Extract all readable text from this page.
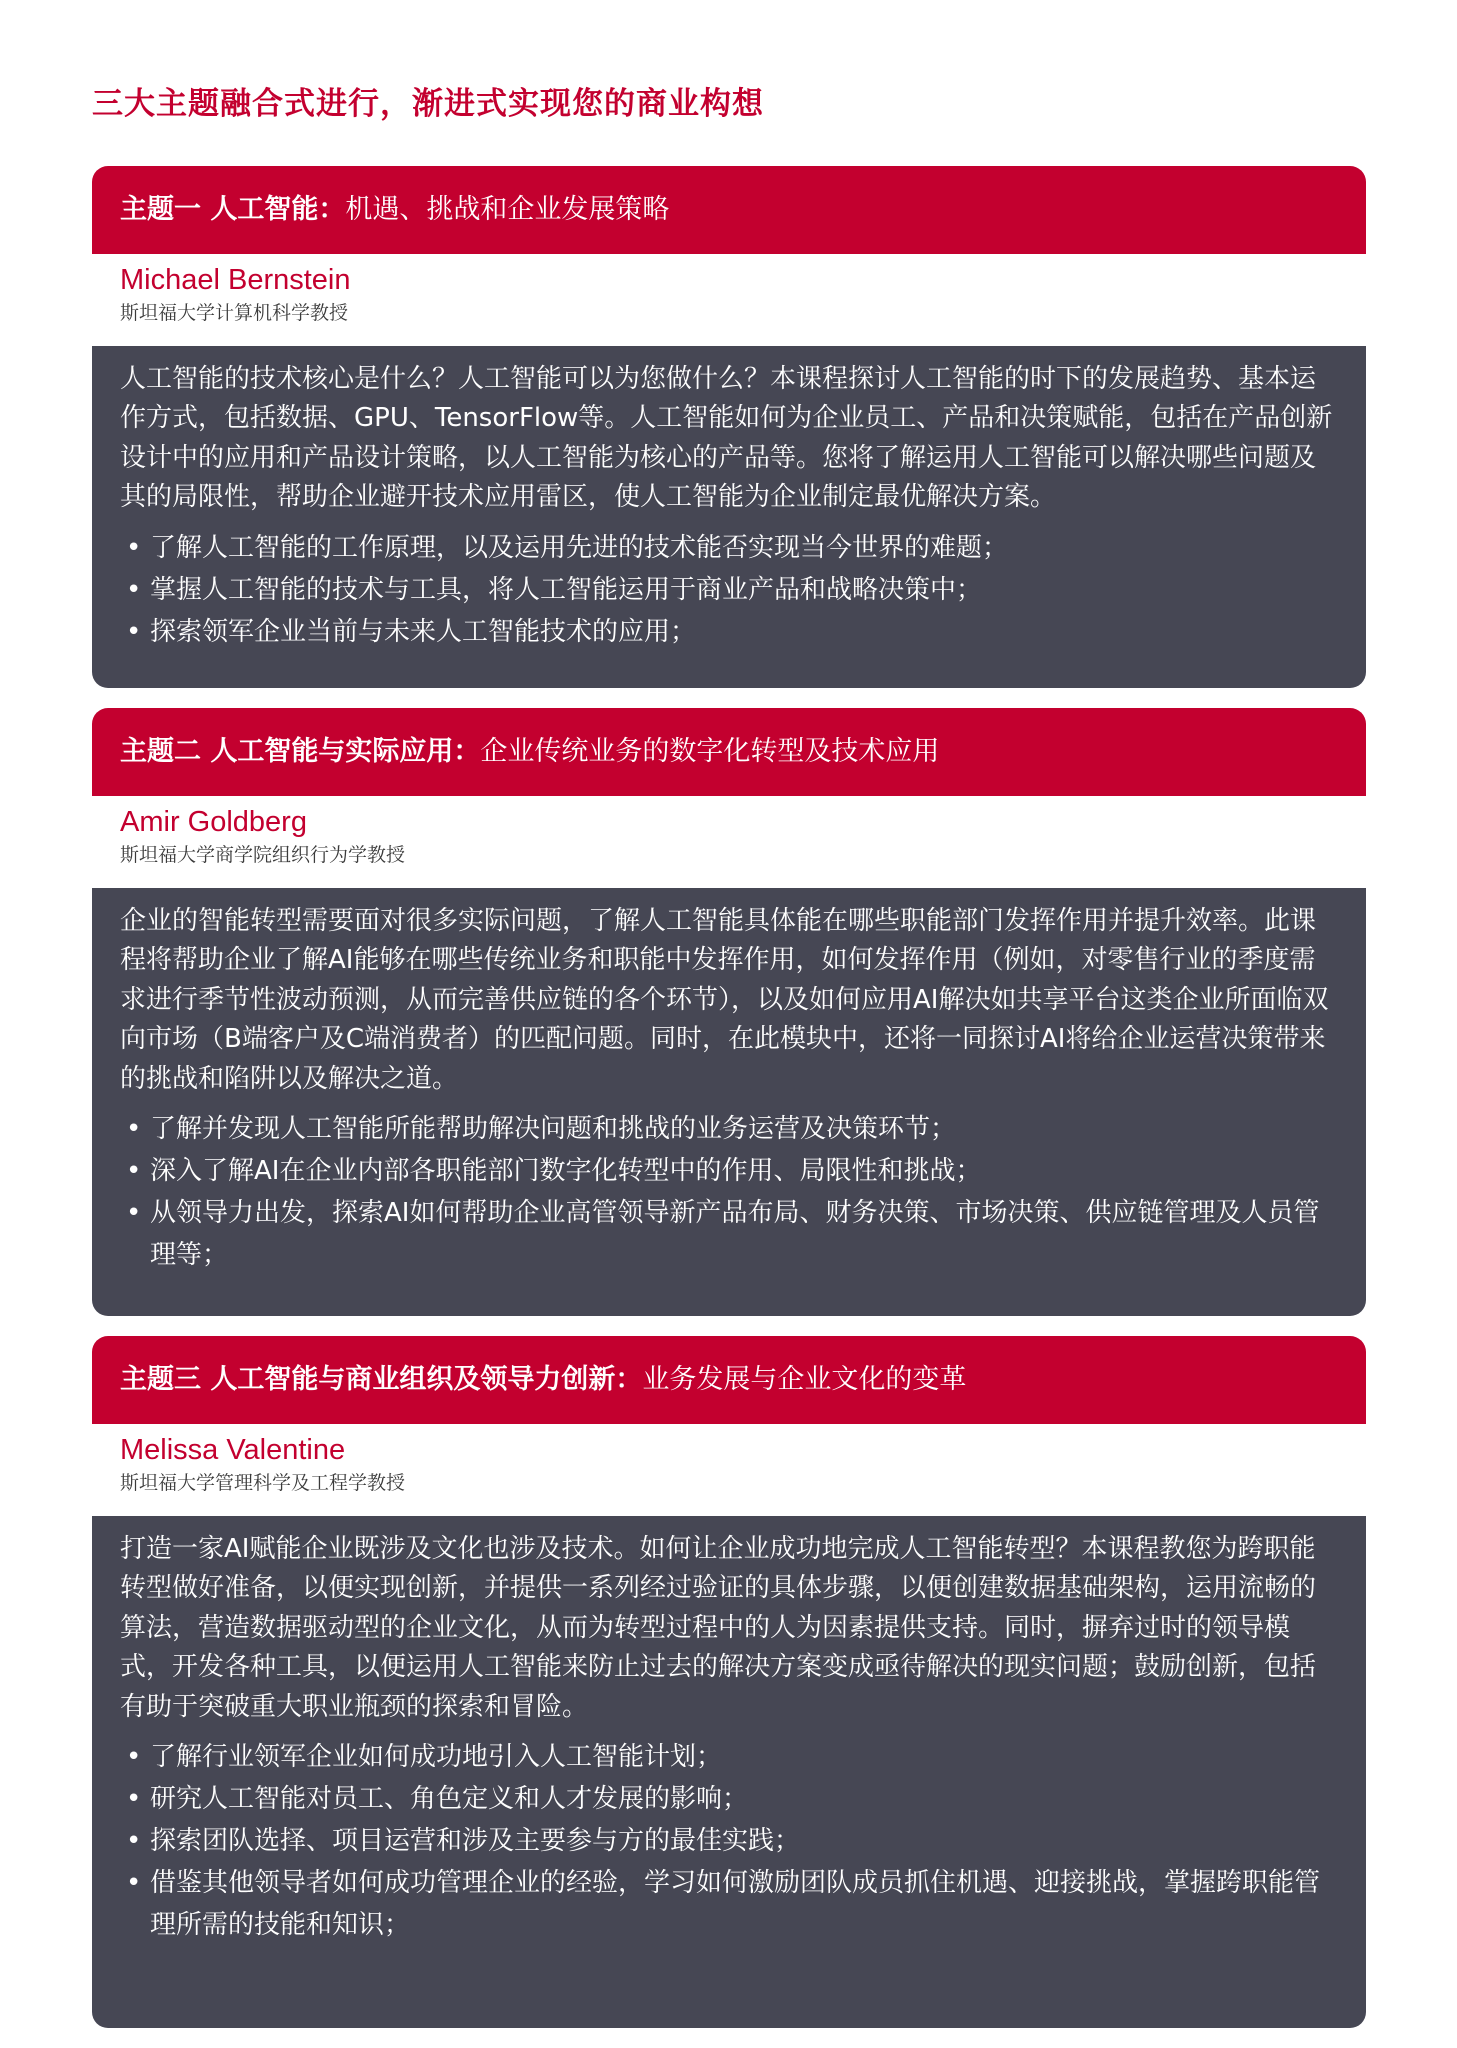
三大主题融合式进行，渐进式实现您的商业构想
主题一 人工智能：机遇、挑战和企业发展策略
Michael Bernstein
斯坦福大学计算机科学教授

人工智能的技术核心是什么？人工智能可以为您做什么？本课程探讨人工智能的时下的发展趋势、基本运作方式，包括数据、GPU、TensorFlow等。人工智能如何为企业员工、产品和决策赋能，包括在产品创新设计中的应用和产品设计策略，以人工智能为核心的产品等。您将了解运用人工智能可以解决哪些问题及其的局限性，帮助企业避开技术应用雷区，使人工智能为企业制定最优解决方案。

• 了解人工智能的工作原理，以及运用先进的技术能否实现当今世界的难题；
• 掌握人工智能的技术与工具，将人工智能运用于商业产品和战略决策中；
• 探索领军企业当前与未来人工智能技术的应用；
主题二 人工智能与实际应用：企业传统业务的数字化转型及技术应用
Amir Goldberg
斯坦福大学商学院组织行为学教授

企业的智能转型需要面对很多实际问题，了解人工智能具体能在哪些职能部门发挥作用并提升效率。此课程将帮助企业了解AI能够在哪些传统业务和职能中发挥作用，如何发挥作用（例如，对零售行业的季度需求进行季节性波动预测，从而完善供应链的各个环节），以及如何应用AI解决如共享平台这类企业所面临双向市场（B端客户及C端消费者）的匹配问题。同时，在此模块中，还将一同探讨AI将给企业运营决策带来的挑战和陷阱以及解决之道。

• 了解并发现人工智能所能帮助解决问题和挑战的业务运营及决策环节；
• 深入了解AI在企业内部各职能部门数字化转型中的作用、局限性和挑战；
• 从领导力出发，探索AI如何帮助企业高管领导新产品布局、财务决策、市场决策、供应链管理及人员管理等；
主题三 人工智能与商业组织及领导力创新：业务发展与企业文化的变革
Melissa Valentine
斯坦福大学管理科学及工程学教授

打造一家AI赋能企业既涉及文化也涉及技术。如何让企业成功地完成人工智能转型？本课程教您为跨职能转型做好准备，以便实现创新，并提供一系列经过验证的具体步骤，以便创建数据基础架构，运用流畅的算法，营造数据驱动型的企业文化，从而为转型过程中的人为因素提供支持。同时，摒弃过时的领导模式，开发各种工具，以便运用人工智能来防止过去的解决方案变成亟待解决的现实问题；鼓励创新，包括有助于突破重大职业瓶颈的探索和冒险。

• 了解行业领军企业如何成功地引入人工智能计划；
• 研究人工智能对员工、角色定义和人才发展的影响；
• 探索团队选择、项目运营和涉及主要参与方的最佳实践；
• 借鉴其他领导者如何成功管理企业的经验，学习如何激励团队成员抓住机遇、迎接挑战，掌握跨职能管理所需的技能和知识；
